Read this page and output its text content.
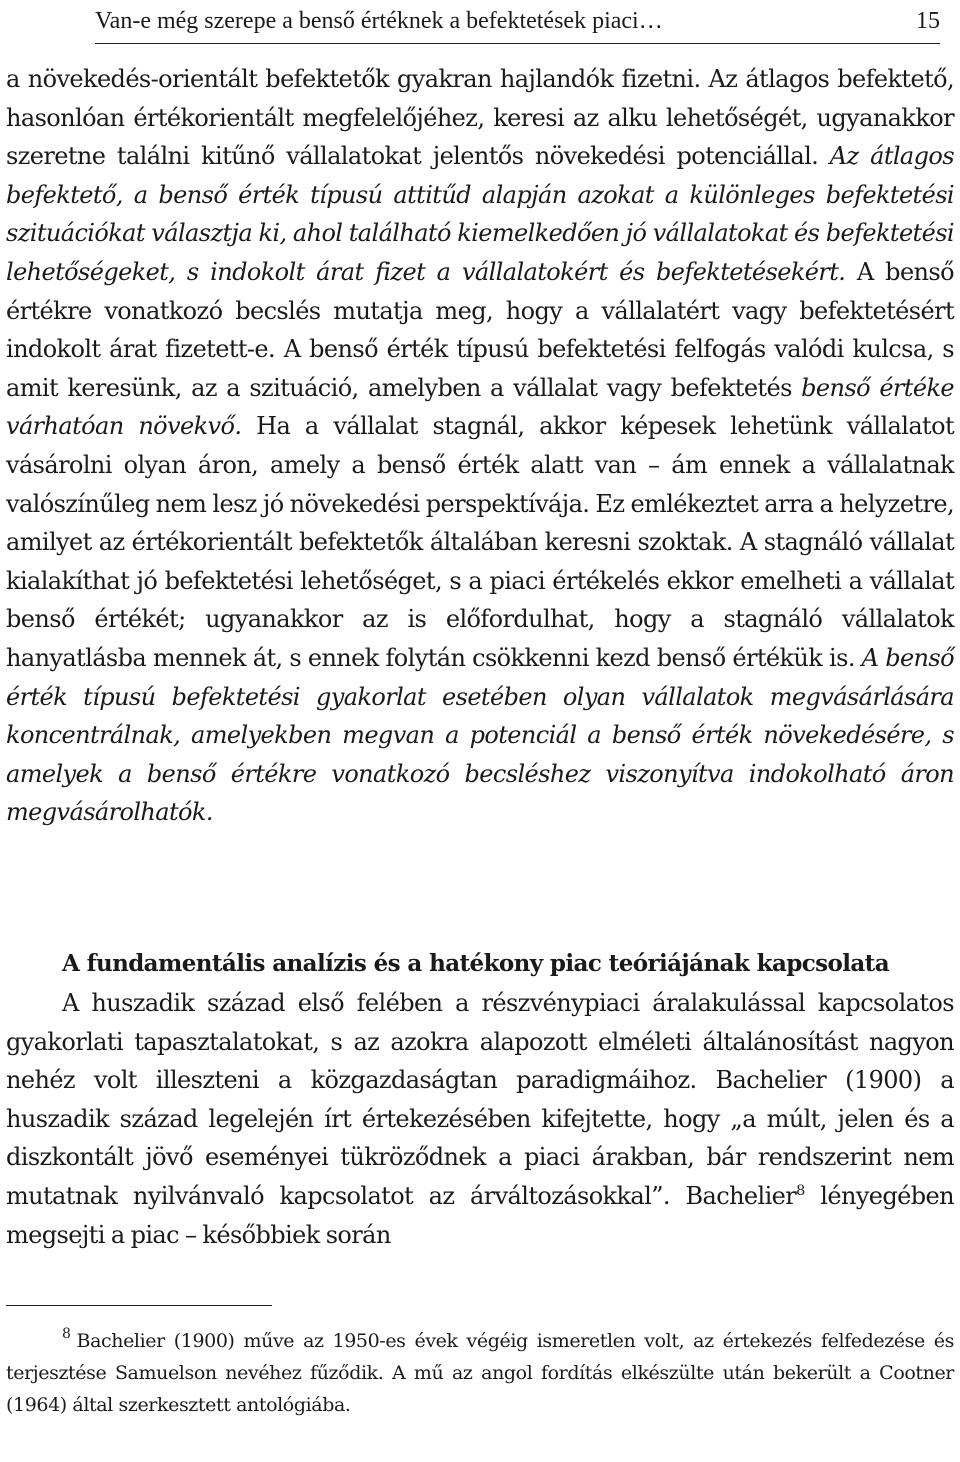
Van-e még szerepe a benső értéknek a befektetések piaci…	15

a növekedés-orientált befektetők gyakran hajlandók fizetni. Az átlagos befektető, hasonlóan értékorientált megfelelőjéhez, keresi az alku lehetőségét, ugyanakkor szeretne találni kitűnő vállalatokat jelentős növekedési potenciállal. Az átlagos befektető, a benső érték típusú attitűd alapján azokat a különleges befektetési szituációkat választja ki, ahol található kiemelkedően jó vállalatokat és befektetési lehetőségeket, s indokolt árat fizet a vállalatokért és befektetésekért. A benső értékre vonatkozó becslés mutatja meg, hogy a vállalatért vagy befektetésért indokolt árat fizetett-e. A benső érték típusú befektetési felfogás valódi kulcsa, s amit keresünk, az a szituáció, amelyben a vállalat vagy befektetés benső értéke várhatóan növekvő. Ha a vállalat stagnál, akkor képesek lehetünk vállalatot vásárolni olyan áron, amely a benső érték alatt van – ám ennek a vállalatnak valószínűleg nem lesz jó növekedési perspektívája. Ez emlékeztet arra a helyzetre, amilyet az értékorientált befektetők általában keresni szoktak. A stagnáló vállalat kialakíthat jó befektetési lehetőséget, s a piaci értékelés ekkor emelheti a vállalat benső értékét; ugyanakkor az is előfordulhat, hogy a stagnáló vállalatok hanyatlásba mennek át, s ennek folytán csökkenni kezd benső értékük is. A benső érték típusú befektetési gyakorlat esetében olyan vállalatok megvásárlására koncentrálnak, amelyekben megvan a potenciál a benső érték növekedésére, s amelyek a benső értékre vonatkozó becsléshez viszonyítva indokolható áron megvásárolhatók.

A fundamentális analízis és a hatékony piac teóriájának kapcsolata
A huszadik század első felében a részvénypiaci áralakulással kapcsolatos gyakorlati tapasztalatokat, s az azokra alapozott elméleti általánosítást nagyon nehéz volt illeszteni a közgazdaságtan paradigmáihoz. Bachelier (1900) a huszadik század legelején írt értekezésében kifejtette, hogy „a múlt, jelen és a diszkontált jövő eseményei tükröződnek a piaci árakban, bár rendszerint nem mutatnak nyilvánvaló kapcsolatot az árváltozásokkal”. Bachelier$^8$ lényegében megsejti a piac – későbbiek során
$^8$ Bachelier (1900) műve az 1950-es évek végéig ismeretlen volt, az értekezés felfedezése és terjesztése Samuelson nevéhez fűződik. A mű az angol fordítás elkészülte után bekerült a Cootner (1964) által szerkesztett antológiába.
